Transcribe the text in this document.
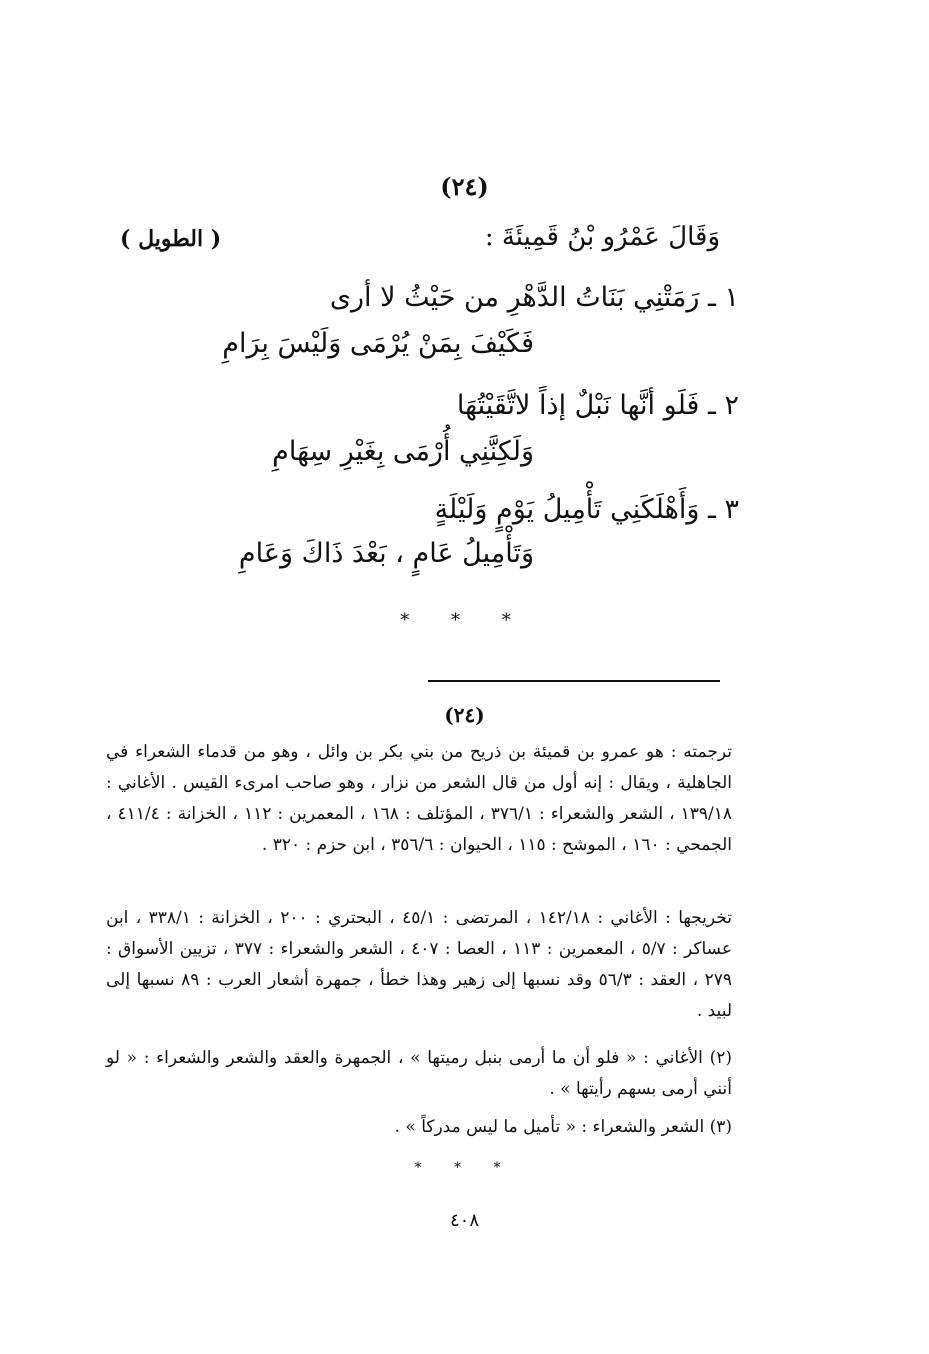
(٢٤)
وَقَالَ عَمْرُو بْنُ قَمِيئَةَ :
( الطويل )
١ ـ رَمَتْنِي بَنَاتُ الدَّهْرِ من حَيْثُ لا أرى
فَكَيْفَ بِمَنْ يُرْمَى وَلَيْسَ بِرَامِ
٢ ـ فَلَو أنَّها نَبْلٌ إذاً لاتَّقَيْتُهَا
وَلَكِنَّنِي أُرْمَى بِغَيْرِ سِهَامِ
٣ ـ وَأَهْلَكَنِي تَأْمِيلُ يَوْمٍ وَلَيْلَةٍ
وَتَأْمِيلُ عَامٍ ، بَعْدَ ذَاكَ وَعَامِ
* * *
(٢٤)
ترجمته : هو عمرو بن قميئة بن ذريح من بني بكر بن وائل ، وهو من قدماء الشعراء في الجاهلية ، ويقال : إنه أول من قال الشعر من نزار ، وهو صاحب امرىء القيس . الأغاني : ١٣٩/١٨ ، الشعر والشعراء : ٣٧٦/١ ، المؤتلف : ١٦٨ ، المعمرين : ١١٢ ، الخزانة : ٤١١/٤ ، الجمحي : ١٦٠ ، الموشح : ١١٥ ، الحيوان : ٣٥٦/٦ ، ابن حزم : ٣٢٠ .
تخريجها : الأغاني : ١٤٢/١٨ ، المرتضى : ٤٥/١ ، البحتري : ٢٠٠ ، الخزانة : ٣٣٨/١ ، ابن عساكر : ٥/٧ ، المعمرين : ١١٣ ، العصا : ٤٠٧ ، الشعر والشعراء : ٣٧٧ ، تزيين الأسواق : ٢٧٩ ، العقد : ٥٦/٣ وقد نسبها إلى زهير وهذا خطأ ، جمهرة أشعار العرب : ٨٩ نسبها إلى لبيد .
(٢) الأغاني : « فلو أن ما أرمى بنبل رميتها » ، الجمهرة والعقد والشعر والشعراء : « لو أنني أرمى بسهم رأيتها » .
(٣) الشعر والشعراء : « تأميل ما ليس مدركاً » .
* * *
٤٠٨
